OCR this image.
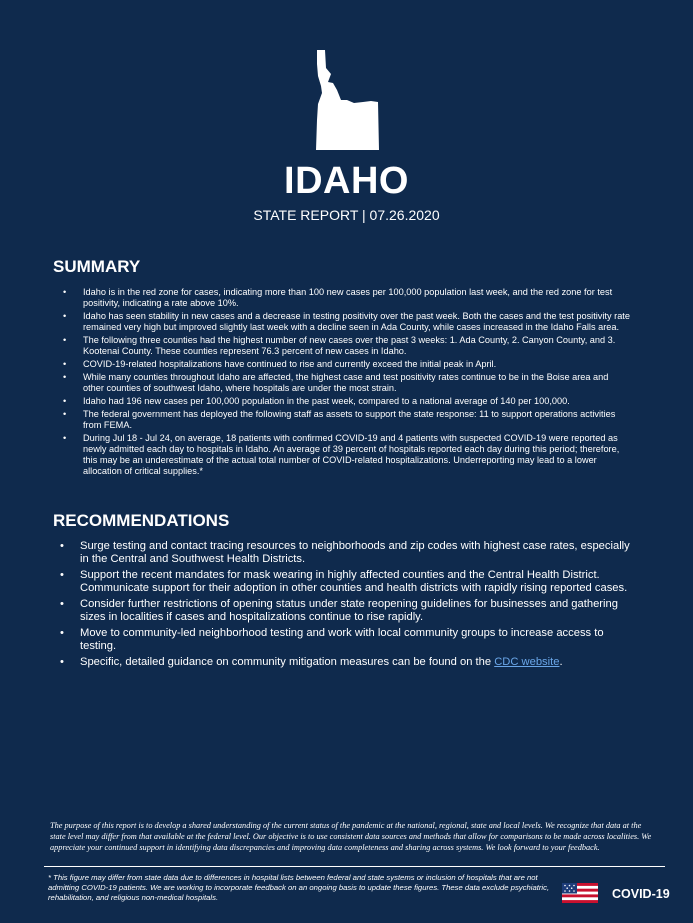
IDAHO
STATE REPORT | 07.26.2020
SUMMARY
• Idaho is in the red zone for cases, indicating more than 100 new cases per 100,000 population last week, and the red zone for test positivity, indicating a rate above 10%.
• Idaho has seen stability in new cases and a decrease in testing positivity over the past week. Both the cases and the test positivity rate remained very high but improved slightly last week with a decline seen in Ada County, while cases increased in the Idaho Falls area.
• The following three counties had the highest number of new cases over the past 3 weeks: 1. Ada County, 2. Canyon County, and 3. Kootenai County. These counties represent 76.3 percent of new cases in Idaho.
• COVID-19-related hospitalizations have continued to rise and currently exceed the initial peak in April.
• While many counties throughout Idaho are affected, the highest case and test positivity rates continue to be in the Boise area and other counties of southwest Idaho, where hospitals are under the most strain.
• Idaho had 196 new cases per 100,000 population in the past week, compared to a national average of 140 per 100,000.
• The federal government has deployed the following staff as assets to support the state response: 11 to support operations activities from FEMA.
• During Jul 18 - Jul 24, on average, 18 patients with confirmed COVID-19 and 4 patients with suspected COVID-19 were reported as newly admitted each day to hospitals in Idaho. An average of 39 percent of hospitals reported each day during this period; therefore, this may be an underestimate of the actual total number of COVID-related hospitalizations. Underreporting may lead to a lower allocation of critical supplies.*
RECOMMENDATIONS
• Surge testing and contact tracing resources to neighborhoods and zip codes with highest case rates, especially in the Central and Southwest Health Districts.
• Support the recent mandates for mask wearing in highly affected counties and the Central Health District. Communicate support for their adoption in other counties and health districts with rapidly rising reported cases.
• Consider further restrictions of opening status under state reopening guidelines for businesses and gathering sizes in localities if cases and hospitalizations continue to rise rapidly.
• Move to community-led neighborhood testing and work with local community groups to increase access to testing.
• Specific, detailed guidance on community mitigation measures can be found on the CDC website.
The purpose of this report is to develop a shared understanding of the current status of the pandemic at the national, regional, state and local levels. We recognize that data at the state level may differ from that available at the federal level. Our objective is to use consistent data sources and methods that allow for comparisons to be made across localities. We appreciate your continued support in identifying data discrepancies and improving data completeness and sharing across systems. We look forward to your feedback.
* This figure may differ from state data due to differences in hospital lists between federal and state systems or inclusion of hospitals that are not admitting COVID-19 patients. We are working to incorporate feedback on an ongoing basis to update these figures. These data exclude psychiatric, rehabilitation, and religious non-medical hospitals.	COVID-19
